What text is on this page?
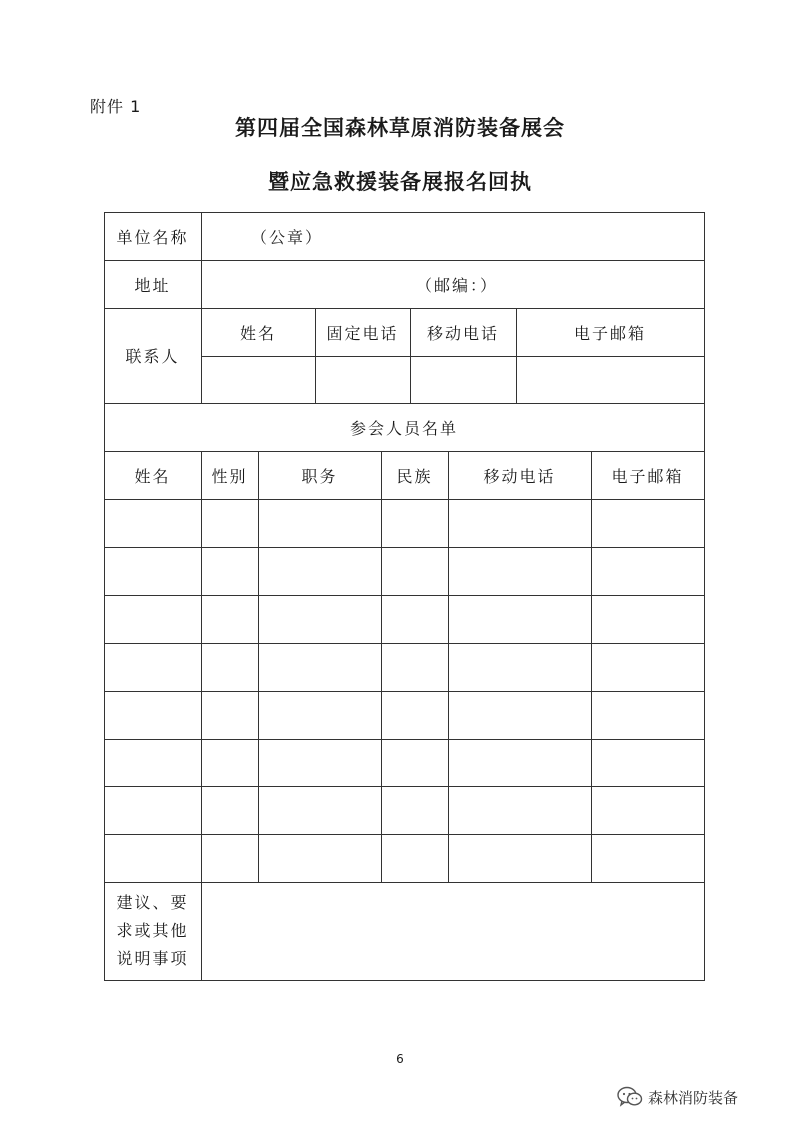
附件 1
第四届全国森林草原消防装备展会
暨应急救援装备展报名回执
单位名称	（公章）
地址	（邮编：）
联系人
姓名	固定电话	移动电话	电子邮箱
参会人员名单
姓名	性别	职务	民族	移动电话	电子邮箱
建议、要
求或其他
说明事项
6
森林消防装备
